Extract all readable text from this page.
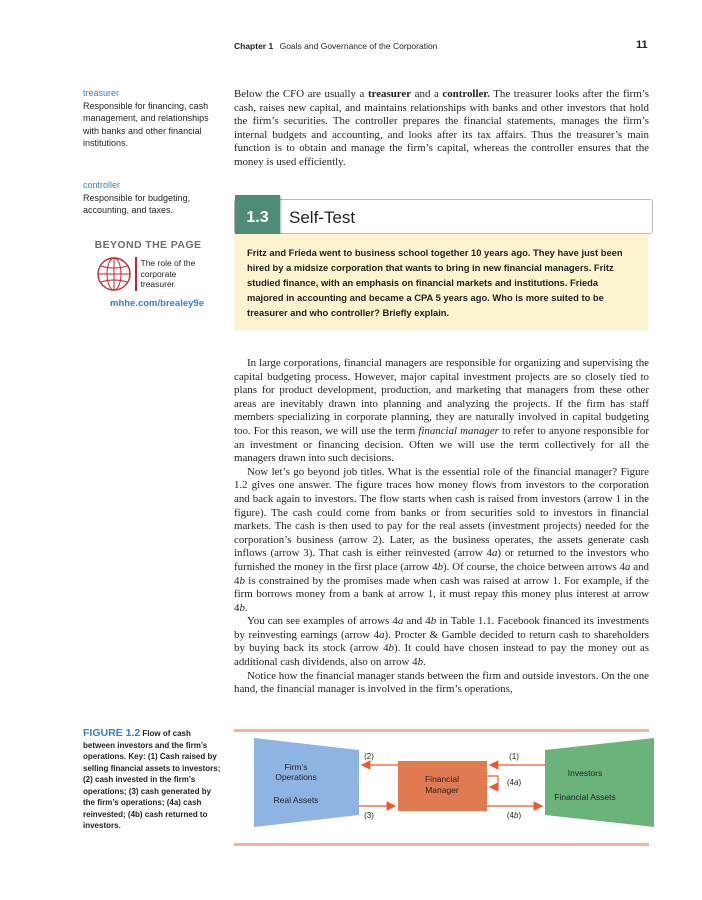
Chapter 1 Goals and Governance of the Corporation	11
treasurer
Responsible for financing, cash management, and relationships with banks and other financial institutions.
controller
Responsible for budgeting, accounting, and taxes.
BEYOND THE PAGE
The role of the corporate treasurer
mhhe.com/brealey9e

Below the CFO are usually a treasurer and a controller. The treasurer looks after the firm’s cash, raises new capital, and maintains relationships with banks and other investors that hold the firm’s securities. The controller prepares the financial statements, manages the firm’s internal budgets and accounting, and looks after its tax affairs. Thus the treasurer’s main function is to obtain and manage the firm’s capital, whereas the controller ensures that the money is used efficiently.

1.3	Self-Test
Fritz and Frieda went to business school together 10 years ago. They have just been hired by a midsize corporation that wants to bring in new financial managers. Fritz studied finance, with an emphasis on financial markets and institutions. Frieda majored in accounting and became a CPA 5 years ago. Who is more suited to be treasurer and who controller? Briefly explain.

In large corporations, financial managers are responsible for organizing and supervising the capital budgeting process. However, major capital investment projects are so closely tied to plans for product development, production, and marketing that managers from these other areas are inevitably drawn into planning and analyzing the projects. If the firm has staff members specializing in corporate planning, they are naturally involved in capital budgeting too. For this reason, we will use the term financial manager to refer to anyone responsible for an investment or financing decision. Often we will use the term collectively for all the managers drawn into such decisions.

Now let’s go beyond job titles. What is the essential role of the financial manager? Figure 1.2 gives one answer. The figure traces how money flows from investors to the corporation and back again to investors. The flow starts when cash is raised from investors (arrow 1 in the figure). The cash could come from banks or from securities sold to investors in financial markets. The cash is then used to pay for the real assets (investment projects) needed for the corporation’s business (arrow 2). Later, as the business operates, the assets generate cash inflows (arrow 3). That cash is either reinvested (arrow 4a) or returned to the investors who furnished the money in the first place (arrow 4b). Of course, the choice between arrows 4a and 4b is constrained by the promises made when cash was raised at arrow 1. For example, if the firm borrows money from a bank at arrow 1, it must repay this money plus interest at arrow 4b.

You can see examples of arrows 4a and 4b in Table 1.1. Facebook financed its investments by reinvesting earnings (arrow 4a). Procter & Gamble decided to return cash to shareholders by buying back its stock (arrow 4b). It could have chosen instead to pay the money out as additional cash dividends, also on arrow 4b.

Notice how the financial manager stands between the firm and outside investors. On the one hand, the financial manager is involved in the firm’s operations,

FIGURE 1.2 Flow of cash between investors and the firm’s operations. Key: (1) Cash raised by selling financial assets to investors; (2) cash invested in the firm’s operations; (3) cash generated by the firm’s operations; (4a) cash reinvested; (4b) cash returned to investors.
Firm’s
Operations
Real Assets
Financial
Manager
Investors
Financial Assets
(2)	(1)
(3)	(4b)
(4a)
